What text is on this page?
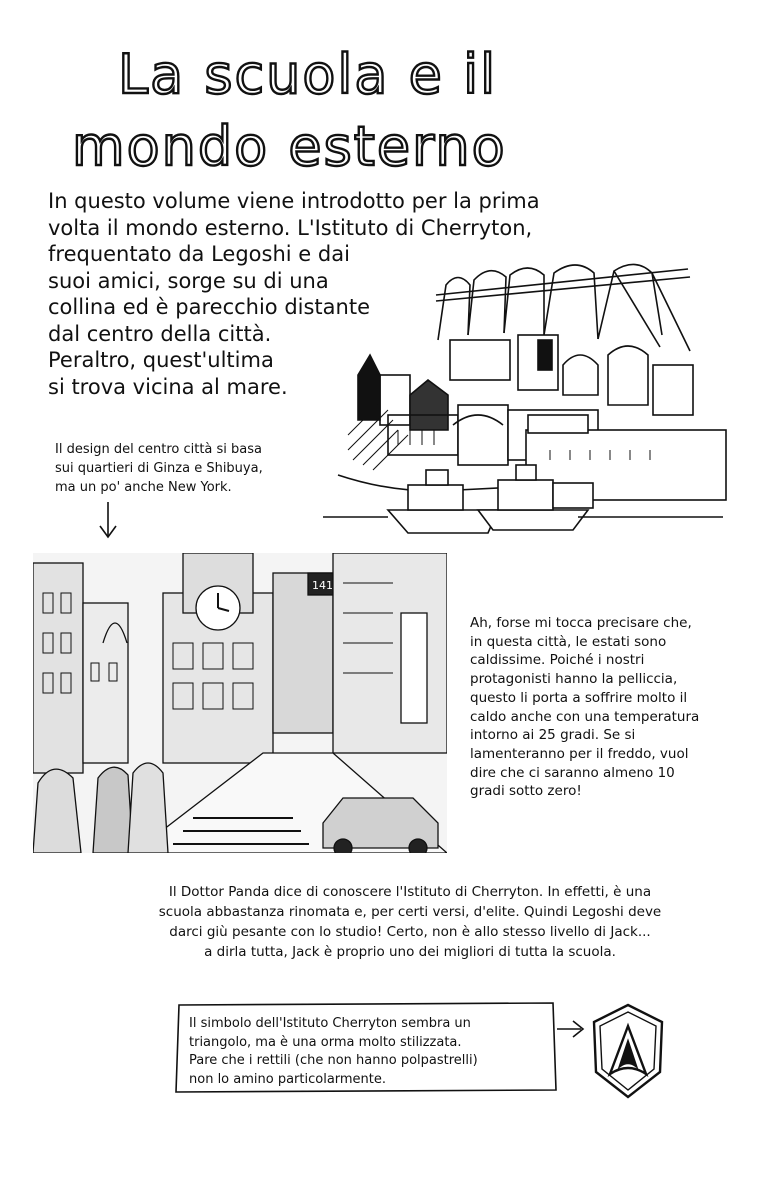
La scuola e il
mondo esterno
In questo volume viene introdotto per la prima
volta il mondo esterno. L'Istituto di Cherryton,
frequentato da Legoshi e dai
suoi amici, sorge su di una
collina ed è parecchio distante
dal centro della città.
Peraltro, quest'ultima
si trova vicina al mare.
Il design del centro città si basa
sui quartieri di Ginza e Shibuya,
ma un po' anche New York.
141
Ah, forse mi tocca precisare che,
in questa città, le estati sono
caldissime. Poiché i nostri
protagonisti hanno la pelliccia,
questo li porta a soffrire molto il
caldo anche con una temperatura
intorno ai 25 gradi. Se si
lamenteranno per il freddo, vuol
dire che ci saranno almeno 10
gradi sotto zero!
Il Dottor Panda dice di conoscere l'Istituto di Cherryton. In effetti, è una
scuola abbastanza rinomata e, per certi versi, d'elite. Quindi Legoshi deve
darci giù pesante con lo studio! Certo, non è allo stesso livello di Jack...
a dirla tutta, Jack è proprio uno dei migliori di tutta la scuola.
Il simbolo dell'Istituto Cherryton sembra un
triangolo, ma è una orma molto stilizzata.
Pare che i rettili (che non hanno polpastrelli)
non lo amino particolarmente.
